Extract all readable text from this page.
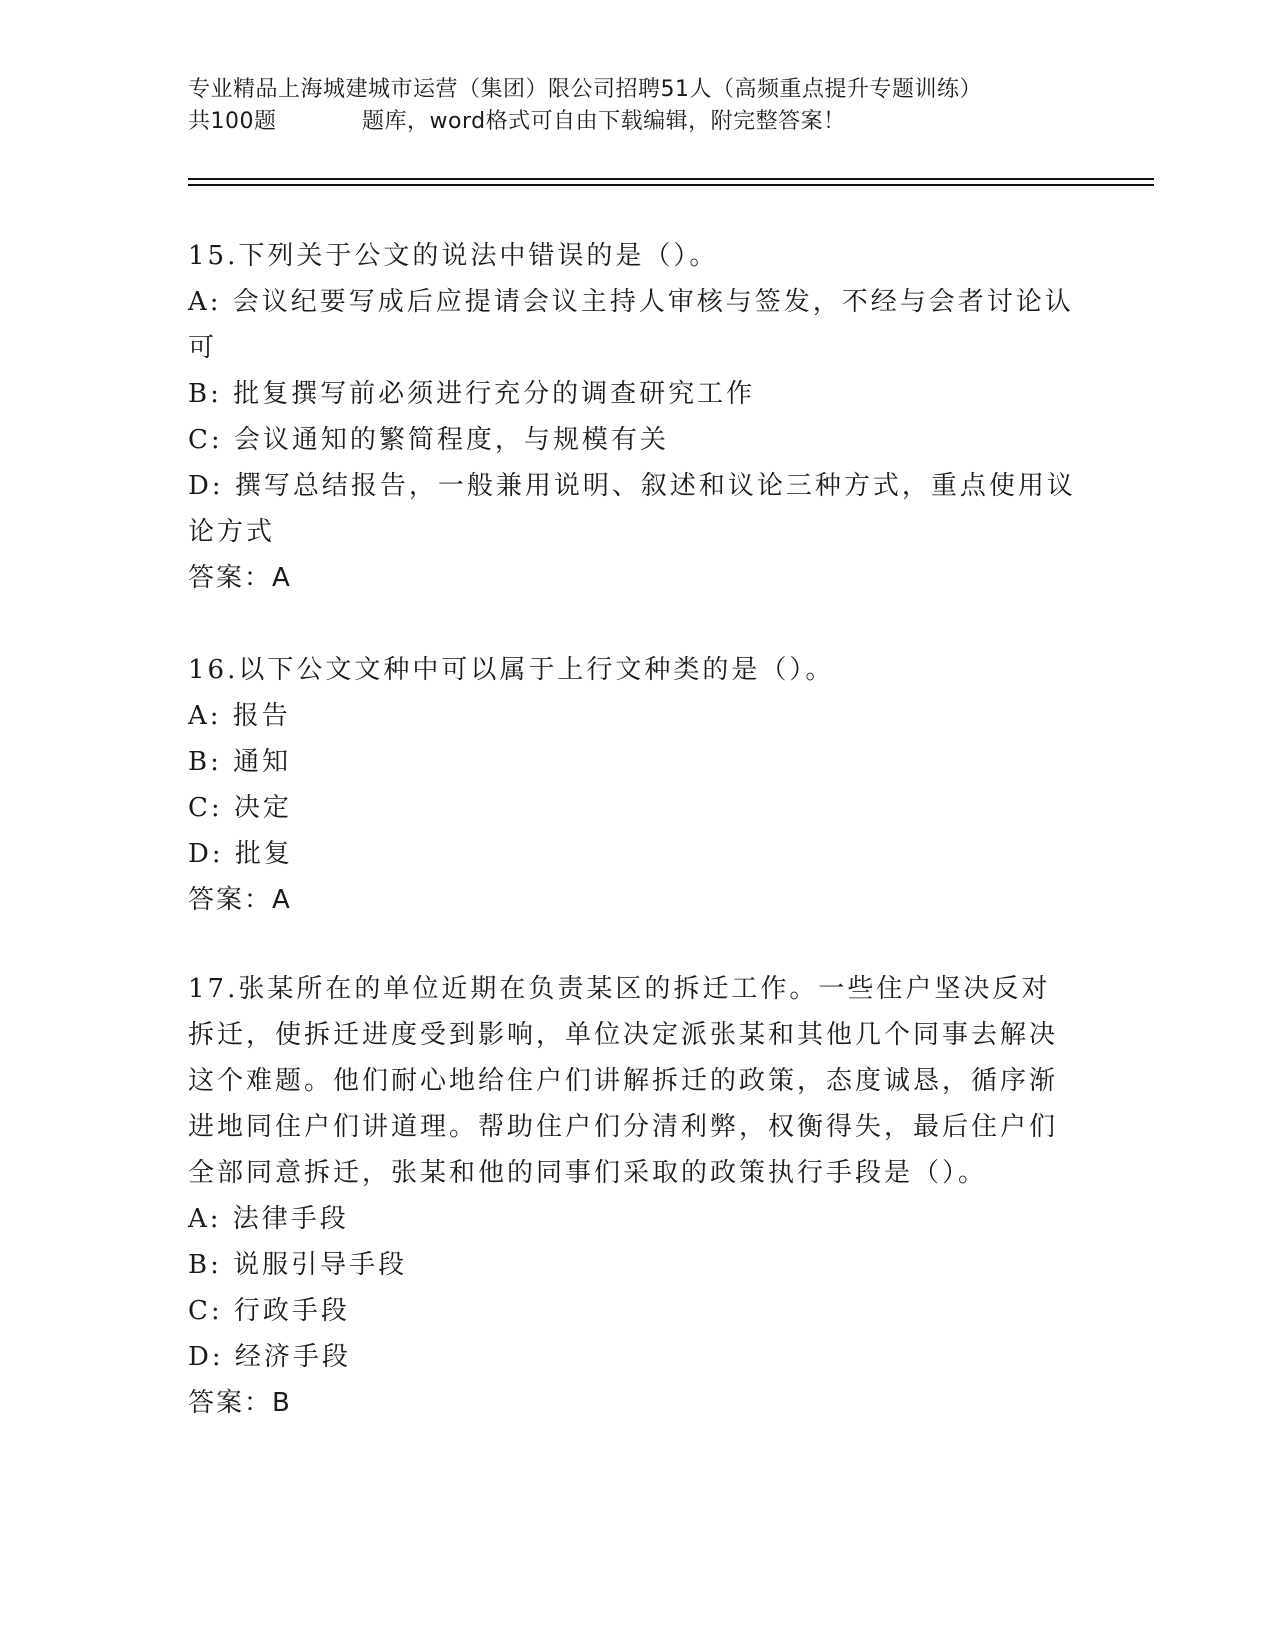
专业精品上海城建城市运营（集团）限公司招聘51人（高频重点提升专题训练）
共100题	题库，word格式可自由下载编辑，附完整答案！

15.下列关于公文的说法中错误的是（）。

A: 会议纪要写成后应提请会议主持人审核与签发，不经与会者讨论认可

B: 批复撰写前必须进行充分的调查研究工作

C: 会议通知的繁简程度，与规模有关

D: 撰写总结报告，一般兼用说明、叙述和议论三种方式，重点使用议论方式

答案：A

16.以下公文文种中可以属于上行文种类的是（）。

A: 报告

B: 通知

C: 决定

D: 批复

答案：A

17.张某所在的单位近期在负责某区的拆迁工作。一些住户坚决反对拆迁，使拆迁进度受到影响，单位决定派张某和其他几个同事去解决这个难题。他们耐心地给住户们讲解拆迁的政策，态度诚恳，循序渐进地同住户们讲道理。帮助住户们分清利弊，权衡得失，最后住户们全部同意拆迁，张某和他的同事们采取的政策执行手段是（）。

A: 法律手段

B: 说服引导手段

C: 行政手段

D: 经济手段

答案：B
